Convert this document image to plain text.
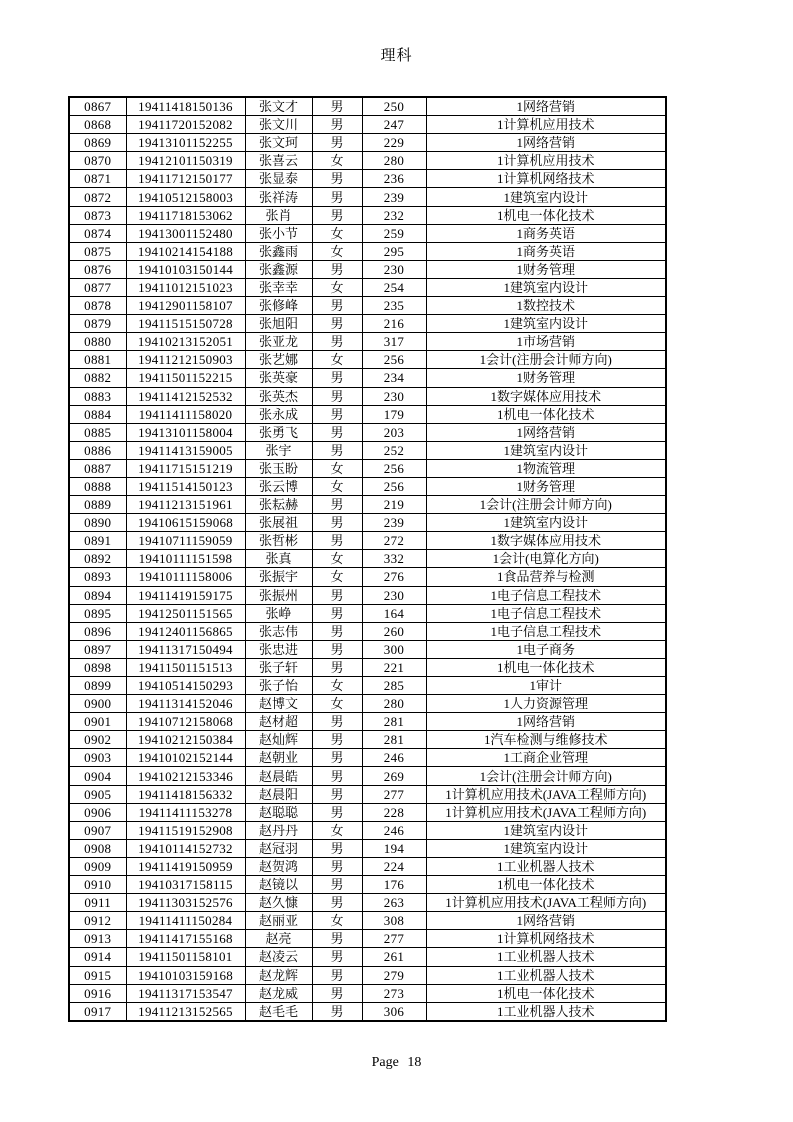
理科
0867	19411418150136	张文才	男	250	1网络营销
0868	19411720152082	张文川	男	247	1计算机应用技术
0869	19413101152255	张文珂	男	229	1网络营销
0870	19412101150319	张喜云	女	280	1计算机应用技术
0871	19411712150177	张显泰	男	236	1计算机网络技术
0872	19410512158003	张祥涛	男	239	1建筑室内设计
0873	19411718153062	张肖	男	232	1机电一体化技术
0874	19413001152480	张小节	女	259	1商务英语
0875	19410214154188	张鑫雨	女	295	1商务英语
0876	19410103150144	张鑫源	男	230	1财务管理
0877	19411012151023	张幸幸	女	254	1建筑室内设计
0878	19412901158107	张修峰	男	235	1数控技术
0879	19411515150728	张旭阳	男	216	1建筑室内设计
0880	19410213152051	张亚龙	男	317	1市场营销
0881	19411212150903	张艺娜	女	256	1会计(注册会计师方向)
0882	19411501152215	张英豪	男	234	1财务管理
0883	19411412152532	张英杰	男	230	1数字媒体应用技术
0884	19411411158020	张永成	男	179	1机电一体化技术
0885	19413101158004	张勇飞	男	203	1网络营销
0886	19411413159005	张宇	男	252	1建筑室内设计
0887	19411715151219	张玉盼	女	256	1物流管理
0888	19411514150123	张云博	女	256	1财务管理
0889	19411213151961	张耘赫	男	219	1会计(注册会计师方向)
0890	19410615159068	张展祖	男	239	1建筑室内设计
0891	19410711159059	张哲彬	男	272	1数字媒体应用技术
0892	19410111151598	张真	女	332	1会计(电算化方向)
0893	19410111158006	张振宇	女	276	1食品营养与检测
0894	19411419159175	张振州	男	230	1电子信息工程技术
0895	19412501151565	张峥	男	164	1电子信息工程技术
0896	19412401156865	张志伟	男	260	1电子信息工程技术
0897	19411317150494	张忠进	男	300	1电子商务
0898	19411501151513	张子轩	男	221	1机电一体化技术
0899	19410514150293	张子怡	女	285	1审计
0900	19411314152046	赵博文	女	280	1人力资源管理
0901	19410712158068	赵材超	男	281	1网络营销
0902	19410212150384	赵灿辉	男	281	1汽车检测与维修技术
0903	19410102152144	赵朝业	男	246	1工商企业管理
0904	19410212153346	赵晨皓	男	269	1会计(注册会计师方向)
0905	19411418156332	赵晨阳	男	277	1计算机应用技术(JAVA工程师方向)
0906	19411411153278	赵聪聪	男	228	1计算机应用技术(JAVA工程师方向)
0907	19411519152908	赵丹丹	女	246	1建筑室内设计
0908	19410114152732	赵冠羽	男	194	1建筑室内设计
0909	19411419150959	赵贺鸿	男	224	1工业机器人技术
0910	19410317158115	赵镜以	男	176	1机电一体化技术
0911	19411303152576	赵久慷	男	263	1计算机应用技术(JAVA工程师方向)
0912	19411411150284	赵丽亚	女	308	1网络营销
0913	19411417155168	赵亮	男	277	1计算机网络技术
0914	19411501158101	赵凌云	男	261	1工业机器人技术
0915	19410103159168	赵龙辉	男	279	1工业机器人技术
0916	19411317153547	赵龙威	男	273	1机电一体化技术
0917	19411213152565	赵毛毛	男	306	1工业机器人技术
Page 18
